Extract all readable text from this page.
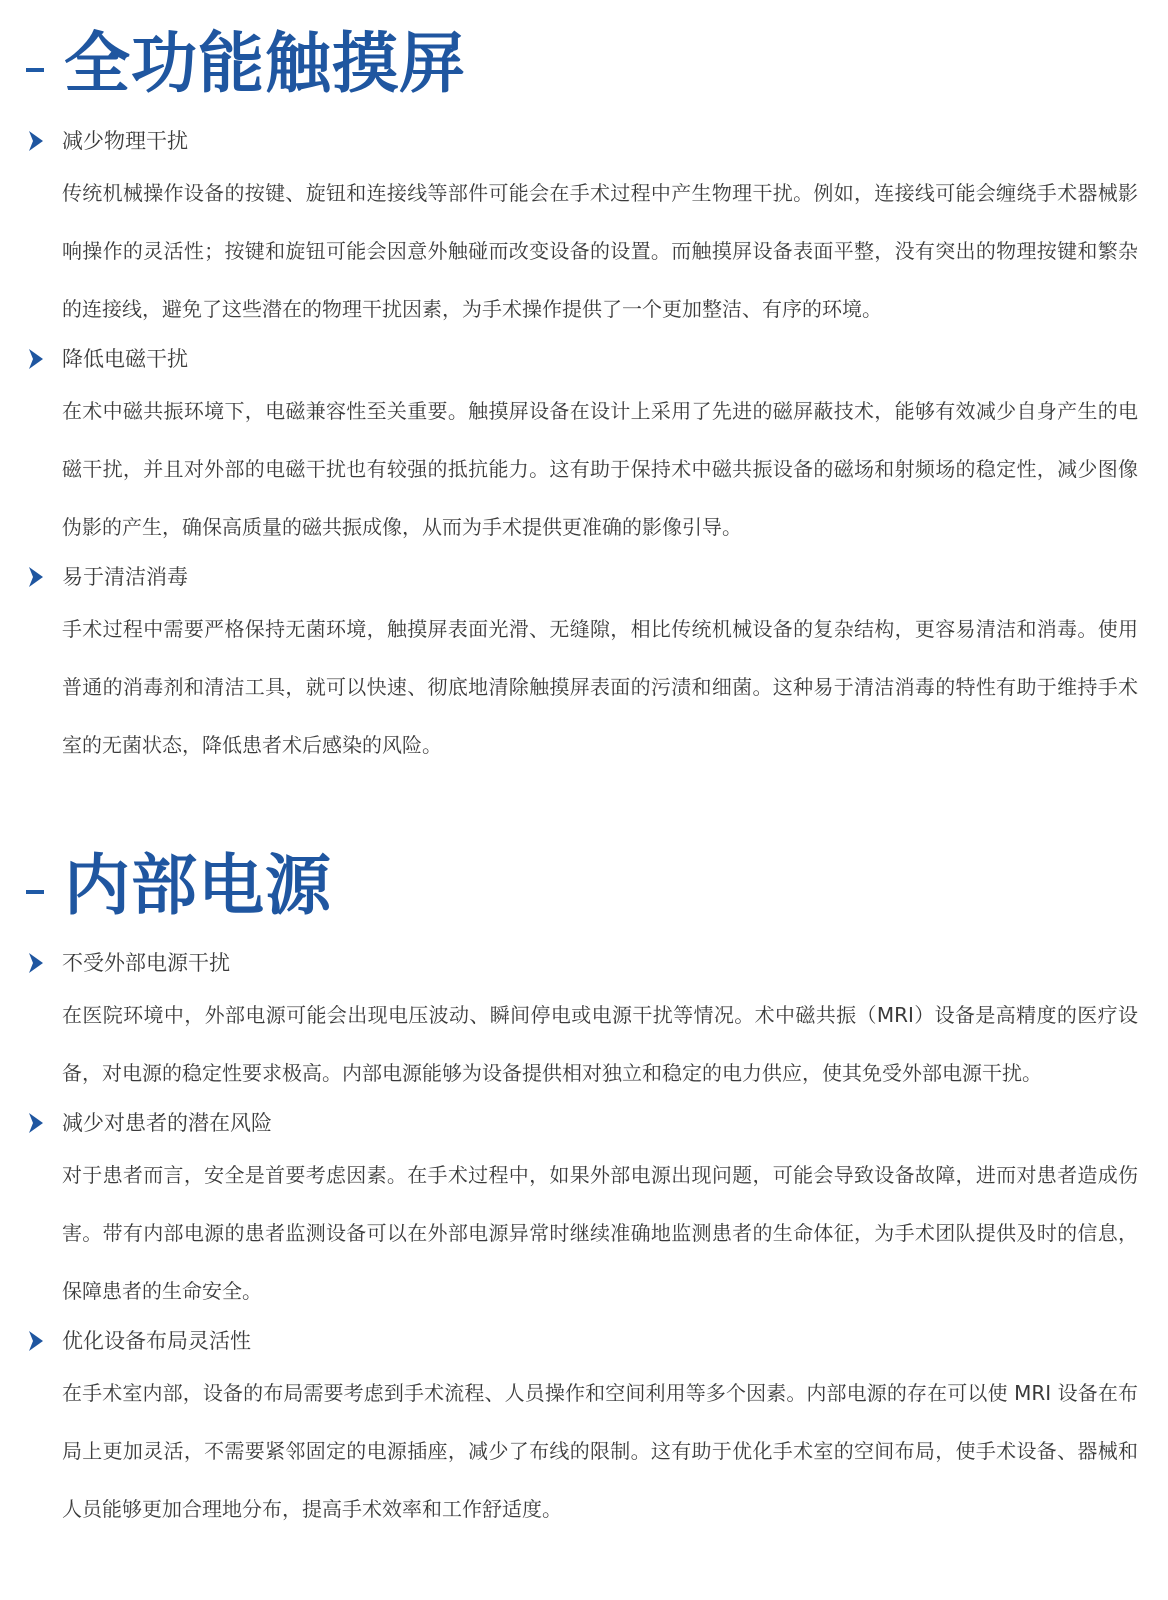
全功能触摸屏
减少物理干扰

传统机械操作设备的按键、旋钮和连接线等部件可能会在手术过程中产生物理干扰。例如，连接线可能会缠绕手术器械影响操作的灵活性；按键和旋钮可能会因意外触碰而改变设备的设置。而触摸屏设备表面平整，没有突出的物理按键和繁杂的连接线，避免了这些潜在的物理干扰因素，为手术操作提供了一个更加整洁、有序的环境。

降低电磁干扰

在术中磁共振环境下，电磁兼容性至关重要。触摸屏设备在设计上采用了先进的磁屏蔽技术，能够有效减少自身产生的电磁干扰，并且对外部的电磁干扰也有较强的抵抗能力。这有助于保持术中磁共振设备的磁场和射频场的稳定性，减少图像伪影的产生，确保高质量的磁共振成像，从而为手术提供更准确的影像引导。

易于清洁消毒

手术过程中需要严格保持无菌环境，触摸屏表面光滑、无缝隙，相比传统机械设备的复杂结构，更容易清洁和消毒。使用普通的消毒剂和清洁工具，就可以快速、彻底地清除触摸屏表面的污渍和细菌。这种易于清洁消毒的特性有助于维持手术室的无菌状态，降低患者术后感染的风险。

内部电源
不受外部电源干扰

在医院环境中，外部电源可能会出现电压波动、瞬间停电或电源干扰等情况。术中磁共振（MRI）设备是高精度的医疗设备，对电源的稳定性要求极高。内部电源能够为设备提供相对独立和稳定的电力供应，使其免受外部电源干扰。

减少对患者的潜在风险

对于患者而言，安全是首要考虑因素。在手术过程中，如果外部电源出现问题，可能会导致设备故障，进而对患者造成伤害。带有内部电源的患者监测设备可以在外部电源异常时继续准确地监测患者的生命体征，为手术团队提供及时的信息，保障患者的生命安全。

优化设备布局灵活性

在手术室内部，设备的布局需要考虑到手术流程、人员操作和空间利用等多个因素。内部电源的存在可以使 MRI 设备在布局上更加灵活，不需要紧邻固定的电源插座，减少了布线的限制。这有助于优化手术室的空间布局，使手术设备、器械和人员能够更加合理地分布，提高手术效率和工作舒适度。
